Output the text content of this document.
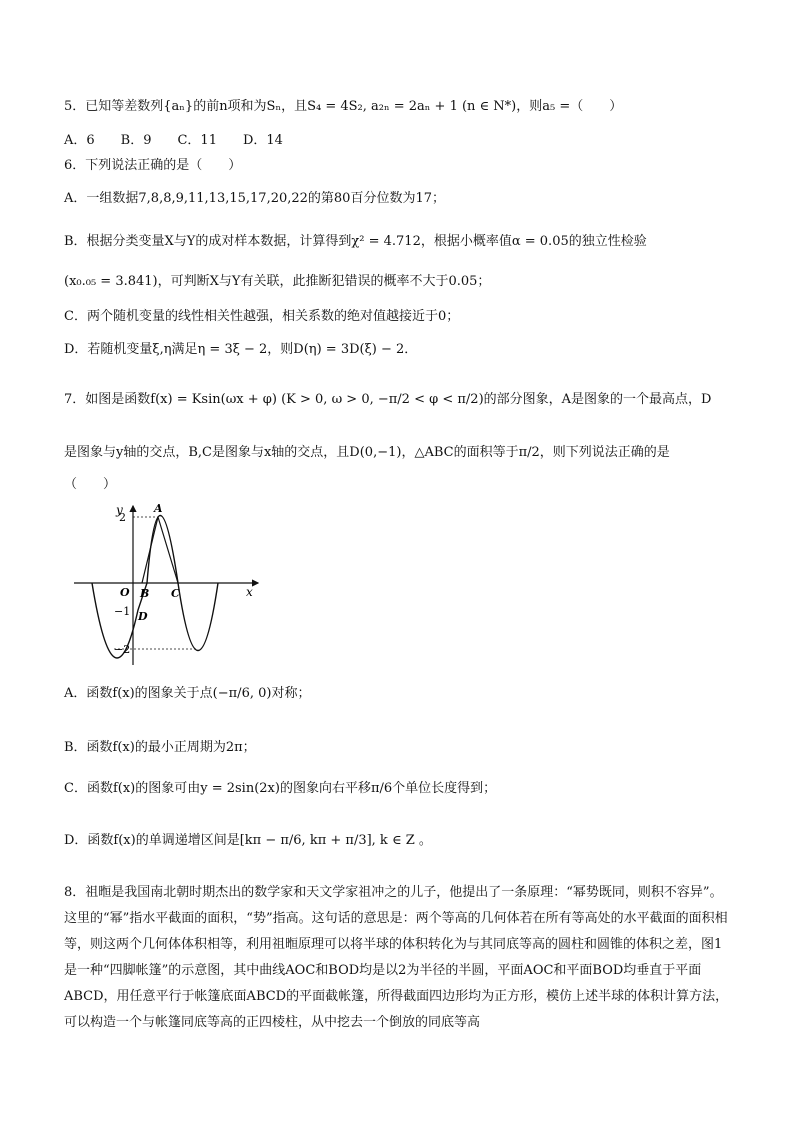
5．已知等差数列{aₙ}的前n项和为Sₙ，且S₄ = 4S₂, a₂ₙ = 2aₙ + 1 (n ∈ N*)，则a₅ =（　　）
A．6　　B．9　　C．11　　D．14
6．下列说法正确的是（　　）
A．一组数据7,8,8,9,11,13,15,17,20,22的第80百分位数为17；
B．根据分类变量X与Y的成对样本数据，计算得到χ² = 4.712，根据小概率值α = 0.05的独立性检验
(x₀.₀₅ = 3.841)，可判断X与Y有关联，此推断犯错误的概率不大于0.05；
C．两个随机变量的线性相关性越强，相关系数的绝对值越接近于0；
D．若随机变量ξ,η满足η = 3ξ − 2，则D(η) = 3D(ξ) − 2．
7．如图是函数f(x) = Ksin(ωx + φ) (K > 0, ω > 0, −π/2 < φ < π/2)的部分图象，A是图象的一个最高点，D
是图象与y轴的交点，B,C是图象与x轴的交点，且D(0,−1)，△ABC的面积等于π/2，则下列说法正确的是
（　　）
y
x
2
−1
−2
O
A
B C
D
A．函数f(x)的图象关于点(−π/6, 0)对称；
B．函数f(x)的最小正周期为2π；
C．函数f(x)的图象可由y = 2sin(2x)的图象向右平移π/6个单位长度得到；
D．函数f(x)的单调递增区间是[kπ − π/6, kπ + π/3], k ∈ Z 。
8．祖暅是我国南北朝时期杰出的数学家和天文学家祖冲之的儿子，他提出了一条原理：“幂势既同，则积不容异”。这里的“幂”指水平截面的面积，“势”指高。这句话的意思是：两个等高的几何体若在所有等高处的水平截面的面积相等，则这两个几何体体积相等，利用祖暅原理可以将半球的体积转化为与其同底等高的圆柱和圆锥的体积之差，图1是一种“四脚帐篷”的示意图，其中曲线AOC和BOD均是以2为半径的半圆，平面AOC和平面BOD均垂直于平面ABCD，用任意平行于帐篷底面ABCD的平面截帐篷，所得截面四边形均为正方形，模仿上述半球的体积计算方法，可以构造一个与帐篷同底等高的正四棱柱，从中挖去一个倒放的同底等高
